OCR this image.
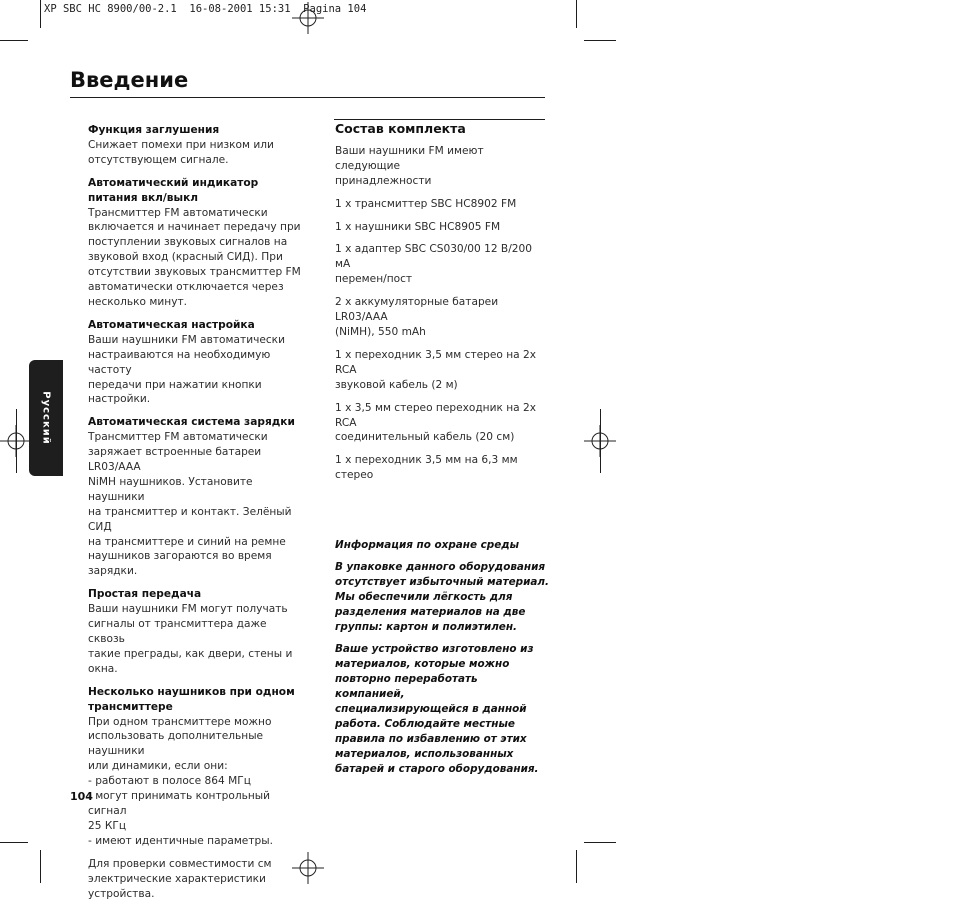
XP SBC HC 8900/00-2.1  16-08-2001 15:31  Pagina 104
Введение
Русский
Функция заглушения
Снижает помехи при низком или
отсутствующем сигнале.
Автоматический индикатор
питания вкл/выкл
Трансмиттер FM автоматически
включается и начинает передачу при
поступлении звуковых сигналов на
звуковой вход (красный СИД). При
отсутствии звуковых трансмиттер FM
автоматически отключается через
несколько минут.
Автоматическая настройка
Ваши наушники FM автоматически
настраиваются на необходимую частоту
передачи при нажатии кнопки настройки.
Автоматическая система зарядки
Трансмиттер FM автоматически
заряжает встроенные батареи LR03/AAA
NiMH наушников. Установите наушники
на трансмиттер и контакт. Зелёный СИД
на трансмиттере и синий на ремне
наушников загораются во время зарядки.
Простая передача
Ваши наушники FM могут получать
сигналы от трансмиттера даже сквозь
такие преграды, как двери, стены и окна.
Несколько наушников при одном
трансмиттере
При одном трансмиттере можно
использовать дополнительные наушники
или динамики, если они:
- работают в полосе 864 МГц
- могут принимать контрольный сигнал
25 КГц
- имеют идентичные параметры.
Для проверки совместимости см
электрические характеристики
устройства.
Состав комплекта
Ваши наушники FM имеют следующие
принадлежности
1 x трансмиттер SBC HC8902 FM
1 x наушники SBC HC8905 FM
1 x адаптер SBC CS030/00 12 В/200 мА
перемен/пост
2 x аккумуляторные батареи LR03/AAA
(NiMH), 550 mAh
1 x переходник 3,5 мм стерео на 2x RCA
звуковой кабель (2 м)
1 x 3,5 мм стерео переходник на 2x RCA
соединительный кабель (20 см)
1 x переходник 3,5 мм на 6,3 мм стерео
Информация по охране среды
В упаковке данного оборудования
отсутствует избыточный материал.
Мы обеспечили лёгкость для
разделения материалов на две
группы: картон и полиэтилен.
Ваше устройство изготовлено из
материалов, которые можно
повторно переработать компанией,
специализирующейся в данной
работа. Соблюдайте местные
правила по избавлению от этих
материалов, использованных
батарей и старого оборудования.
104
